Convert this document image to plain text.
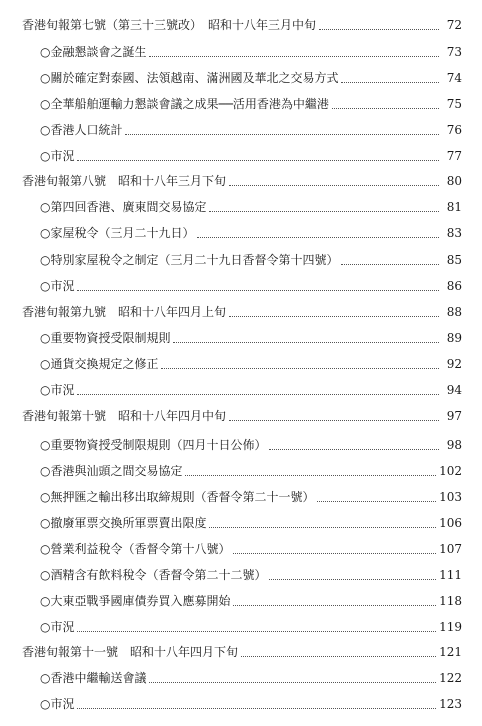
香港旬報第七號（第三十三號改）　昭和十八年三月中旬	72
○金融懇談會之誕生	73
○關於確定對泰國、法領越南、滿洲國及華北之交易方式	74
○全華船舶運輸力懇談會議之成果──活用香港為中繼港	75
○香港人口統計	76
○市況	77
香港旬報第八號　昭和十八年三月下旬	80
○第四回香港、廣東間交易協定	81
○家屋稅令（三月二十九日）	83
○特別家屋稅令之制定（三月二十九日香督令第十四號）	85
○市況	86
香港旬報第九號　昭和十八年四月上旬	88
○重要物資授受限制規則	89
○通貨交換規定之修正	92
○市況	94
香港旬報第十號　昭和十八年四月中旬	97
○重要物資授受制限規則（四月十日公佈）	98
○香港與汕頭之間交易協定	102
○無押匯之輸出移出取締規則（香督令第二十一號）	103
○撤廢軍票交換所軍票賣出限度	106
○營業利益稅令（香督令第十八號）	107
○酒精含有飲料稅令（香督令第二十二號）	111
○大東亞戰爭國庫債券買入應募開始	118
○市況	119
香港旬報第十一號　昭和十八年四月下旬	121
○香港中繼輸送會議	122
○市況	123
